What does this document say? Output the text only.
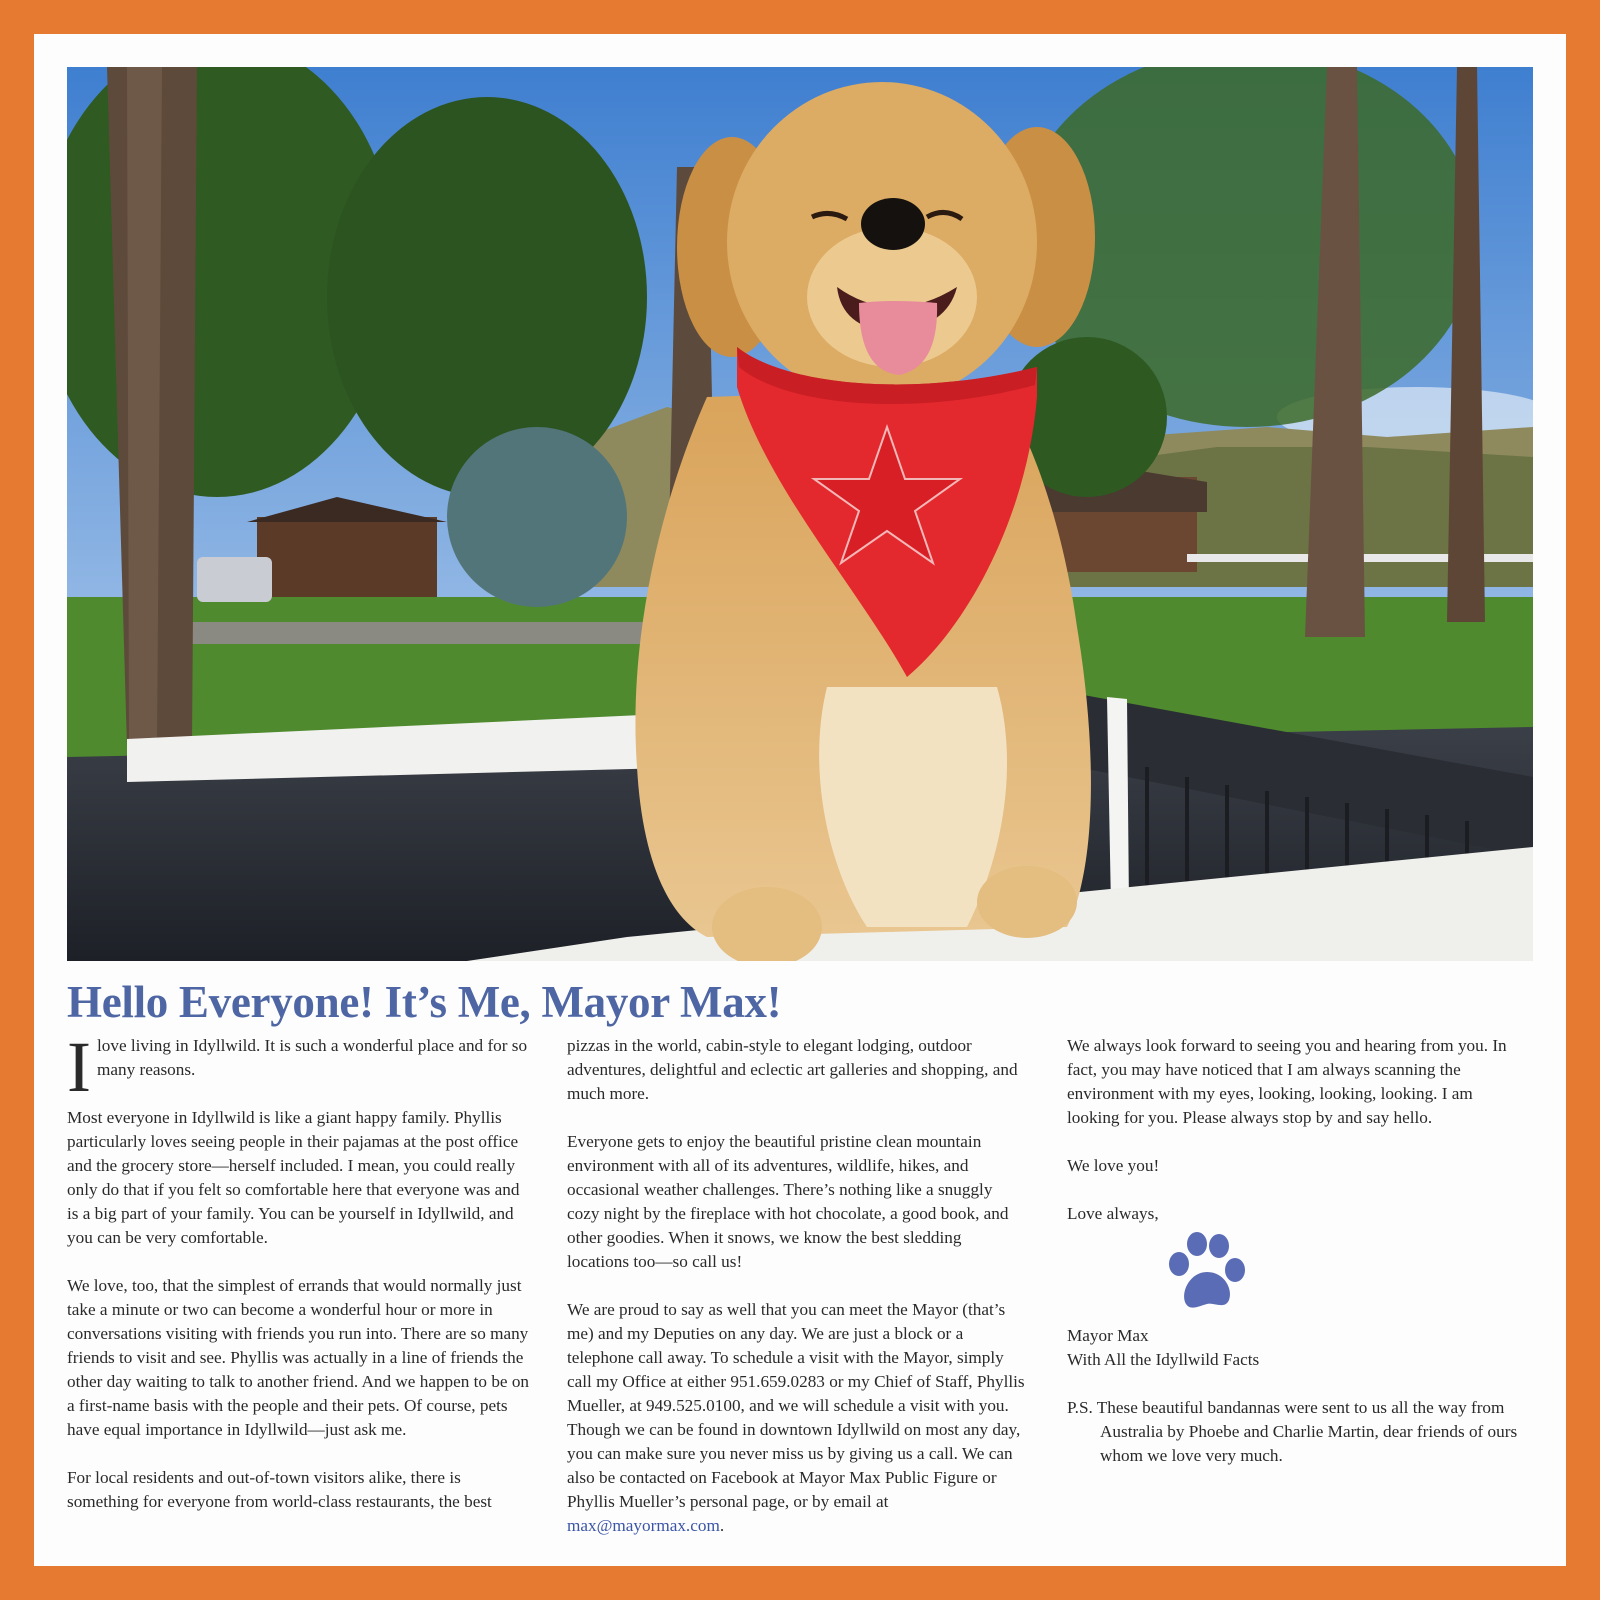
Hello Everyone! It’s Me, Mayor Max!

Ilove living in Idyllwild. It is such a wonderful place and for so many reasons.

Most everyone in Idyllwild is like a giant happy family. Phyllis particularly loves seeing people in their pajamas at the post office and the grocery store—herself included. I mean, you could really only do that if you felt so comfortable here that everyone was and is a big part of your family. You can be yourself in Idyllwild, and you can be very comfortable.

We love, too, that the simplest of errands that would normally just take a minute or two can become a wonderful hour or more in conversations visiting with friends you run into. There are so many friends to visit and see. Phyllis was actually in a line of friends the other day waiting to talk to another friend. And we happen to be on a first-name basis with the people and their pets. Of course, pets have equal importance in Idyllwild—just ask me.

For local residents and out-of-town visitors alike, there is something for everyone from world-class restaurants, the best

pizzas in the world, cabin-style to elegant lodging, outdoor adventures, delightful and eclectic art galleries and shopping, and much more.

Everyone gets to enjoy the beautiful pristine clean mountain environment with all of its adventures, wildlife, hikes, and occasional weather challenges. There’s nothing like a snuggly cozy night by the fireplace with hot chocolate, a good book, and other goodies. When it snows, we know the best sledding locations too—so call us!

We are proud to say as well that you can meet the Mayor (that’s me) and my Deputies on any day. We are just a block or a telephone call away. To schedule a visit with the Mayor, simply call my Office at either 951.659.0283 or my Chief of Staff, Phyllis Mueller, at 949.525.0100, and we will schedule a visit with you. Though we can be found in downtown Idyllwild on most any day, you can make sure you never miss us by giving us a call. We can also be contacted on Facebook at Mayor Max Public Figure or Phyllis Mueller’s personal page, or by email at max@mayormax.com.

We always look forward to seeing you and hearing from you. In fact, you may have noticed that I am always scanning the environment with my eyes, looking, looking, looking. I am looking for you. Please always stop by and say hello.

We love you!

Love always,

Mayor Max
With All the Idyllwild Facts

P.S. These beautiful bandannas were sent to us all the way from Australia by Phoebe and Charlie Martin, dear friends of ours whom we love very much.
